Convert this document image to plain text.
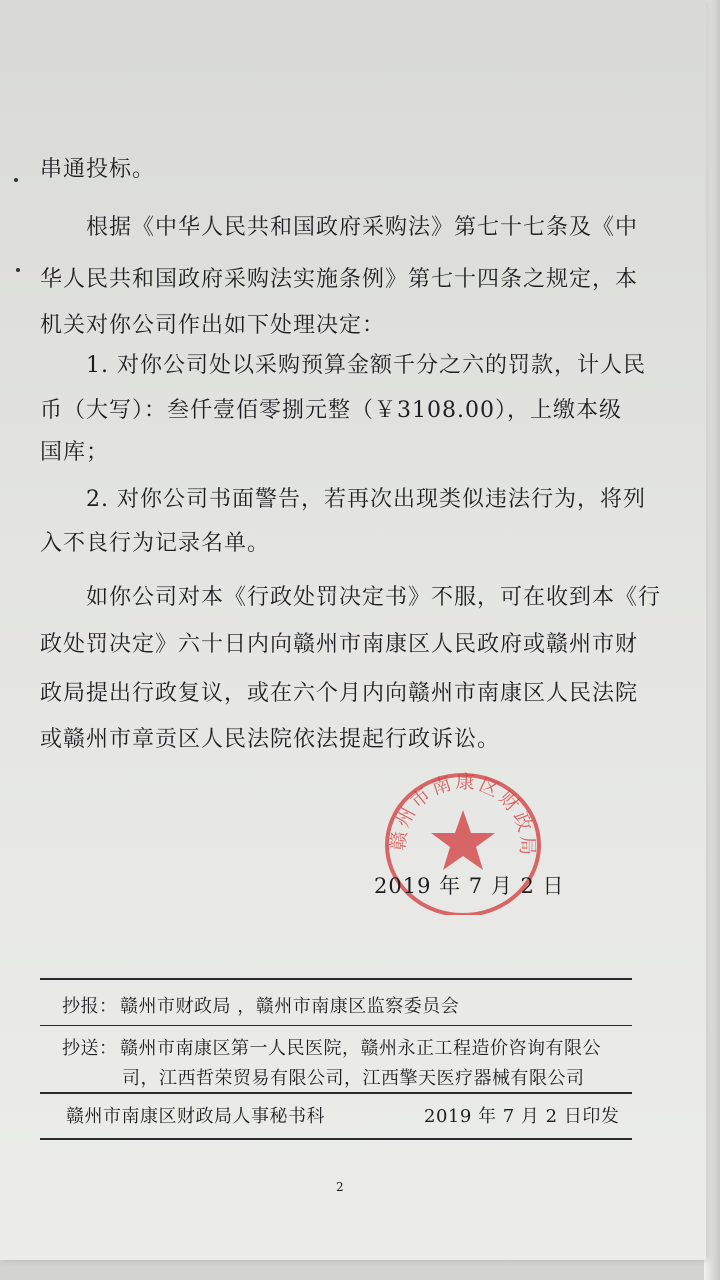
串通投标。
根据《中华人民共和国政府采购法》第七十七条及《中
华人民共和国政府采购法实施条例》第七十四条之规定，本
机关对你公司作出如下处理决定：
1. 对你公司处以采购预算金额千分之六的罚款，计人民
币（大写）：叁仟壹佰零捌元整（￥3108.00），上缴本级
国库；
2. 对你公司书面警告，若再次出现类似违法行为，将列
入不良行为记录名单。
如你公司对本《行政处罚决定书》不服，可在收到本《行
政处罚决定》六十日内向赣州市南康区人民政府或赣州市财
政局提出行政复议，或在六个月内向赣州市南康区人民法院
或赣州市章贡区人民法院依法提起行政诉讼。
赣州市南康区财政局
2019 年 7 月 2 日
抄报： 赣州市财政局 ，赣州市南康区监察委员会
抄送： 赣州市南康区第一人民医院，赣州永正工程造价咨询有限公
司，江西哲荣贸易有限公司，江西擎天医疗器械有限公司
赣州市南康区财政局人事秘书科	2019 年 7 月 2 日印发
2
